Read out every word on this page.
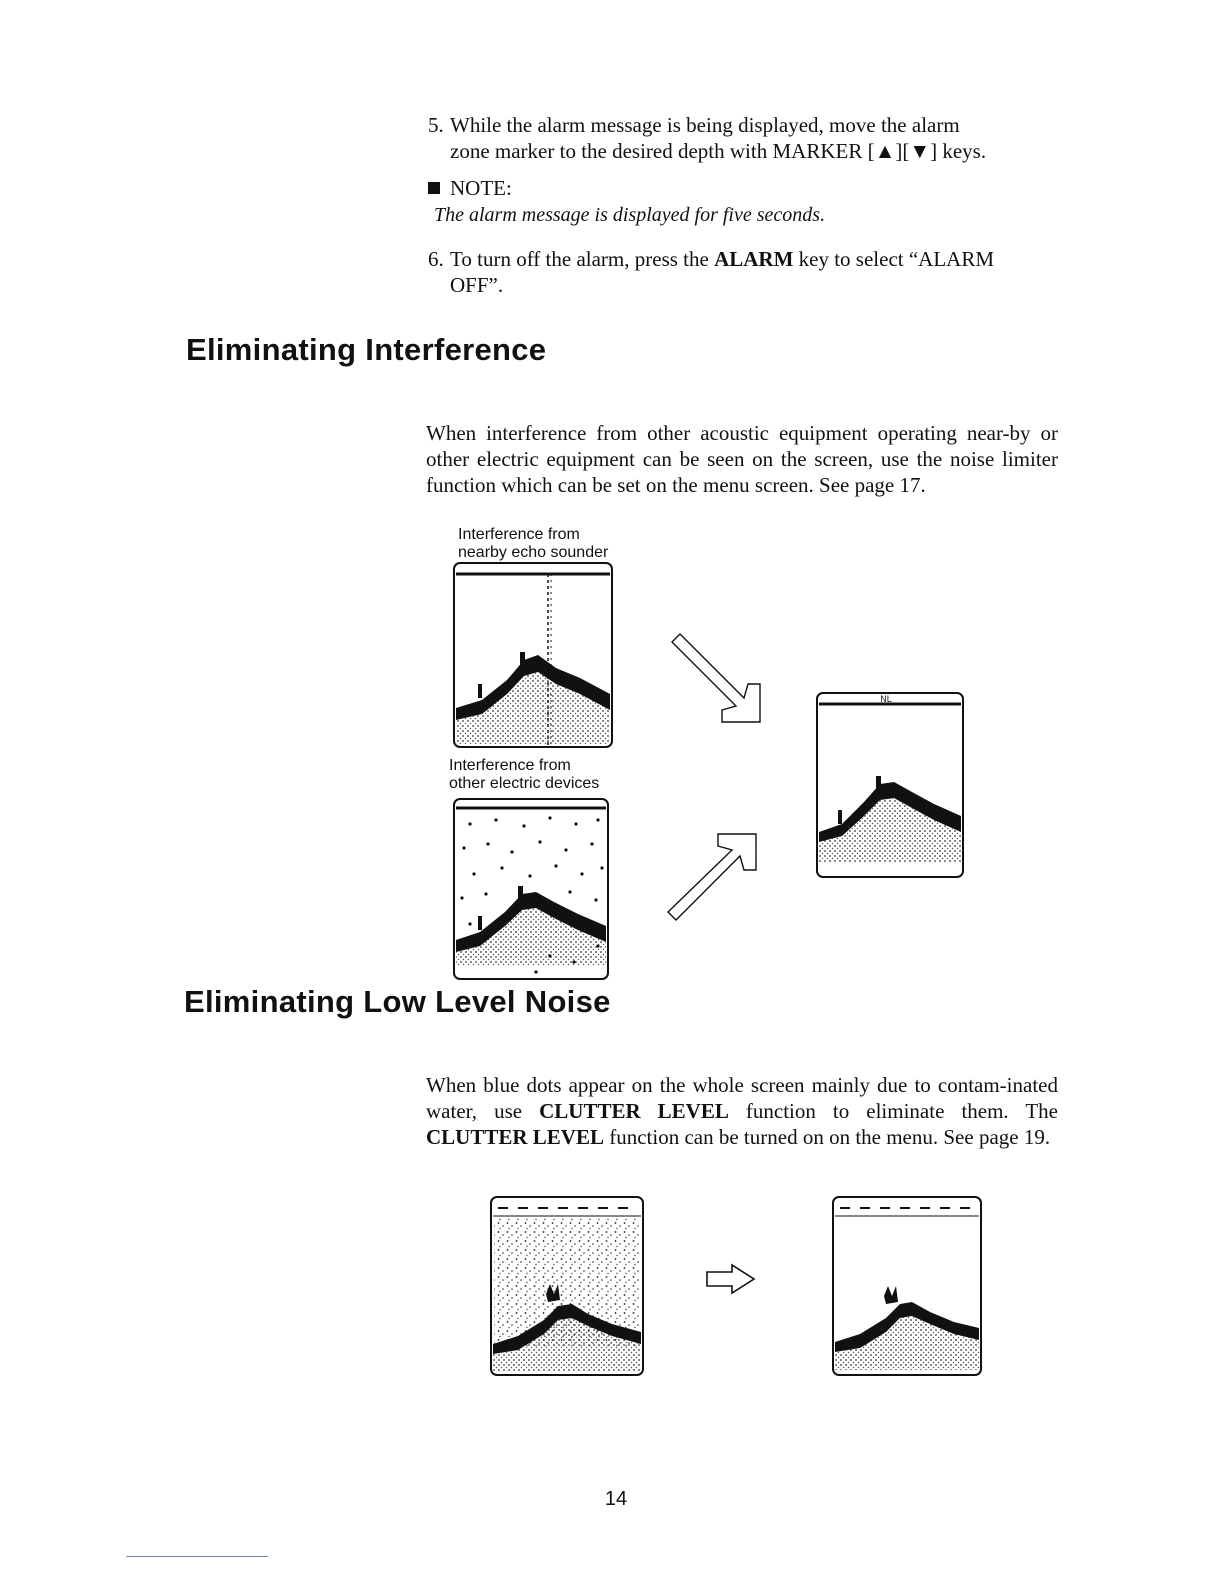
5. While the alarm message is being displayed, move the alarm
zone marker to the desired depth with MARKER [▲][▼] keys.
NOTE:
The alarm message is displayed for five seconds.
6. To turn off the alarm, press the ALARM key to select “ALARM
OFF”.
Eliminating Interference
When interference from other acoustic equipment operating near-by or other electric equipment can be seen on the screen, use the noise limiter function which can be set on the menu screen. See page 17.
Interference from
nearby echo sounder
Interference from
other electric devices
NL
Eliminating Low Level Noise
When blue dots appear on the whole screen mainly due to contam-inated water, use CLUTTER LEVEL function to eliminate them. The CLUTTER LEVEL function can be turned on on the menu. See page 19.
14
